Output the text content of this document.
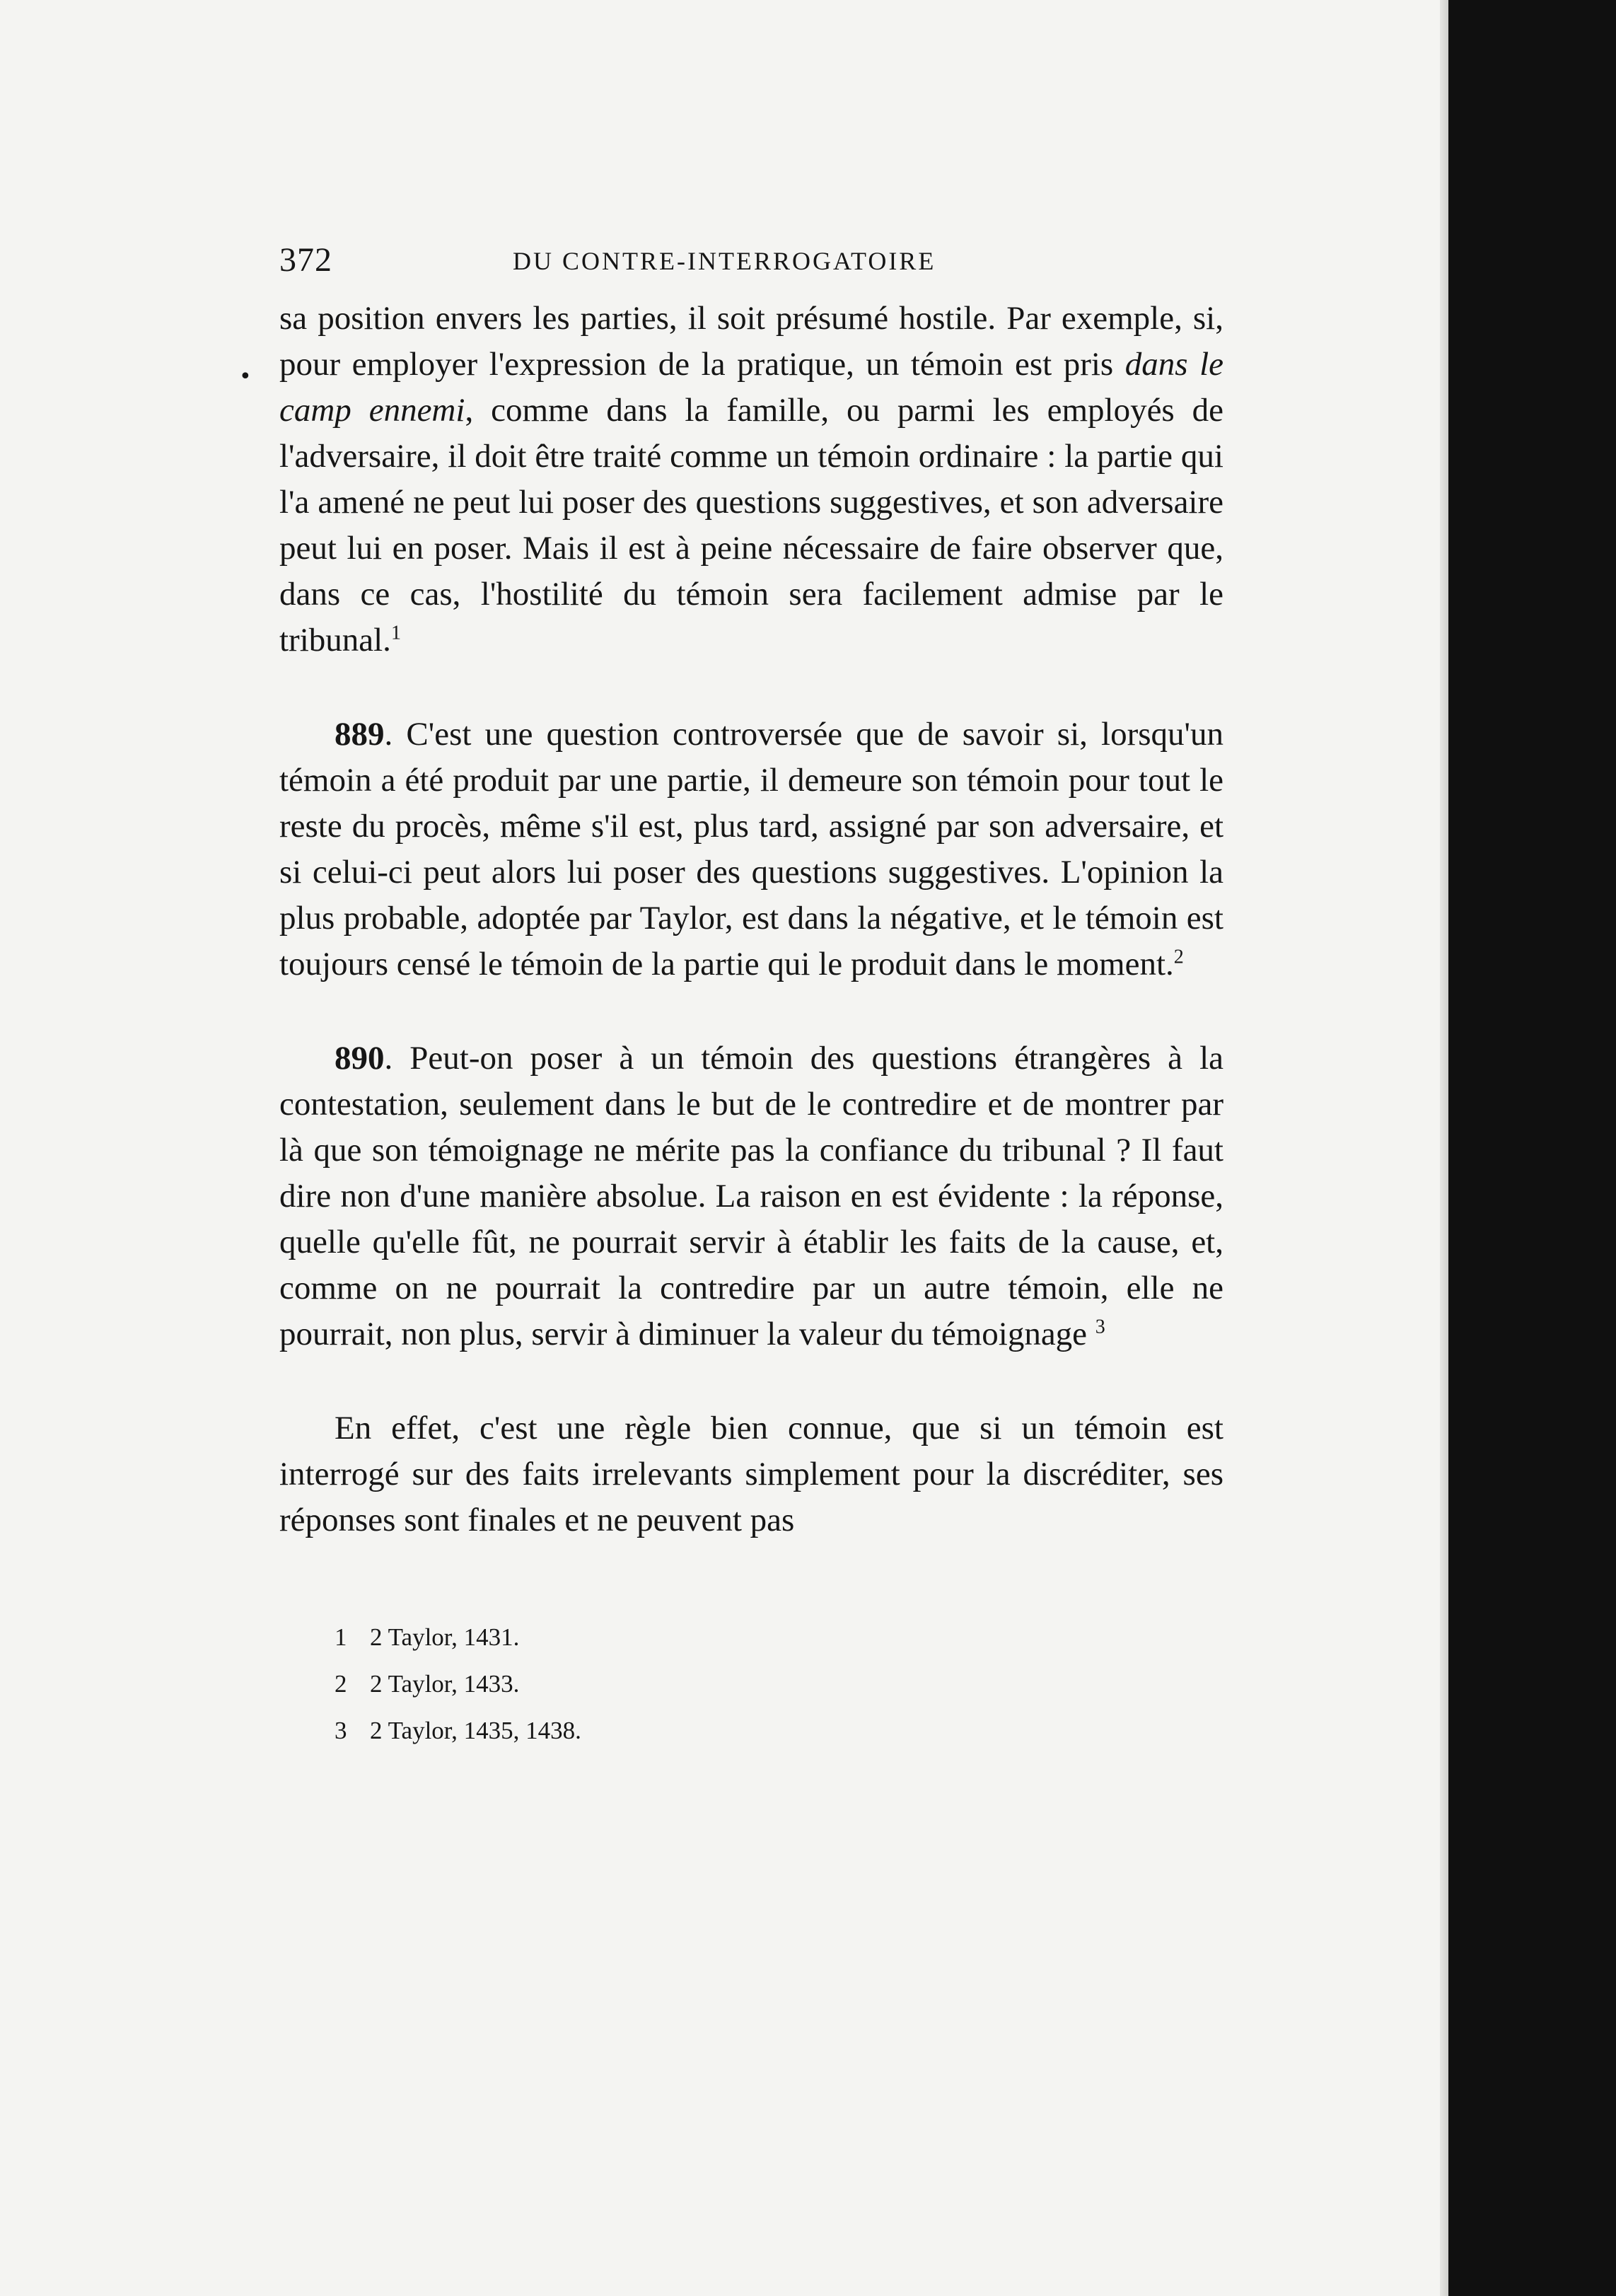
•
372	DU CONTRE-INTERROGATOIRE

sa position envers les parties, il soit présumé hostile. Par exemple, si, pour employer l'expression de la pratique, un témoin est pris dans le camp ennemi, comme dans la famille, ou parmi les employés de l'adversaire, il doit être traité comme un témoin ordinaire : la partie qui l'a amené ne peut lui poser des questions suggestives, et son adversaire peut lui en poser. Mais il est à peine nécessaire de faire observer que, dans ce cas, l'hostilité du témoin sera facilement admise par le tribunal.$^1$

889. C'est une question controversée que de savoir si, lorsqu'un témoin a été produit par une partie, il demeure son témoin pour tout le reste du procès, même s'il est, plus tard, assigné par son adversaire, et si celui-ci peut alors lui poser des questions suggestives. L'opinion la plus probable, adoptée par Taylor, est dans la négative, et le témoin est toujours censé le témoin de la partie qui le produit dans le moment.$^2$

890. Peut-on poser à un témoin des questions étrangères à la contestation, seulement dans le but de le contredire et de montrer par là que son témoignage ne mérite pas la confiance du tribunal ? Il faut dire non d'une manière absolue. La raison en est évidente : la réponse, quelle qu'elle fût, ne pourrait servir à établir les faits de la cause, et, comme on ne pourrait la contredire par un autre témoin, elle ne pourrait, non plus, servir à diminuer la valeur du témoignage $^3$

En effet, c'est une règle bien connue, que si un témoin est interrogé sur des faits irrelevants simplement pour la discréditer, ses réponses sont finales et ne peuvent pas

1 2 Taylor, 1431.
2 2 Taylor, 1433.
3 2 Taylor, 1435, 1438.
